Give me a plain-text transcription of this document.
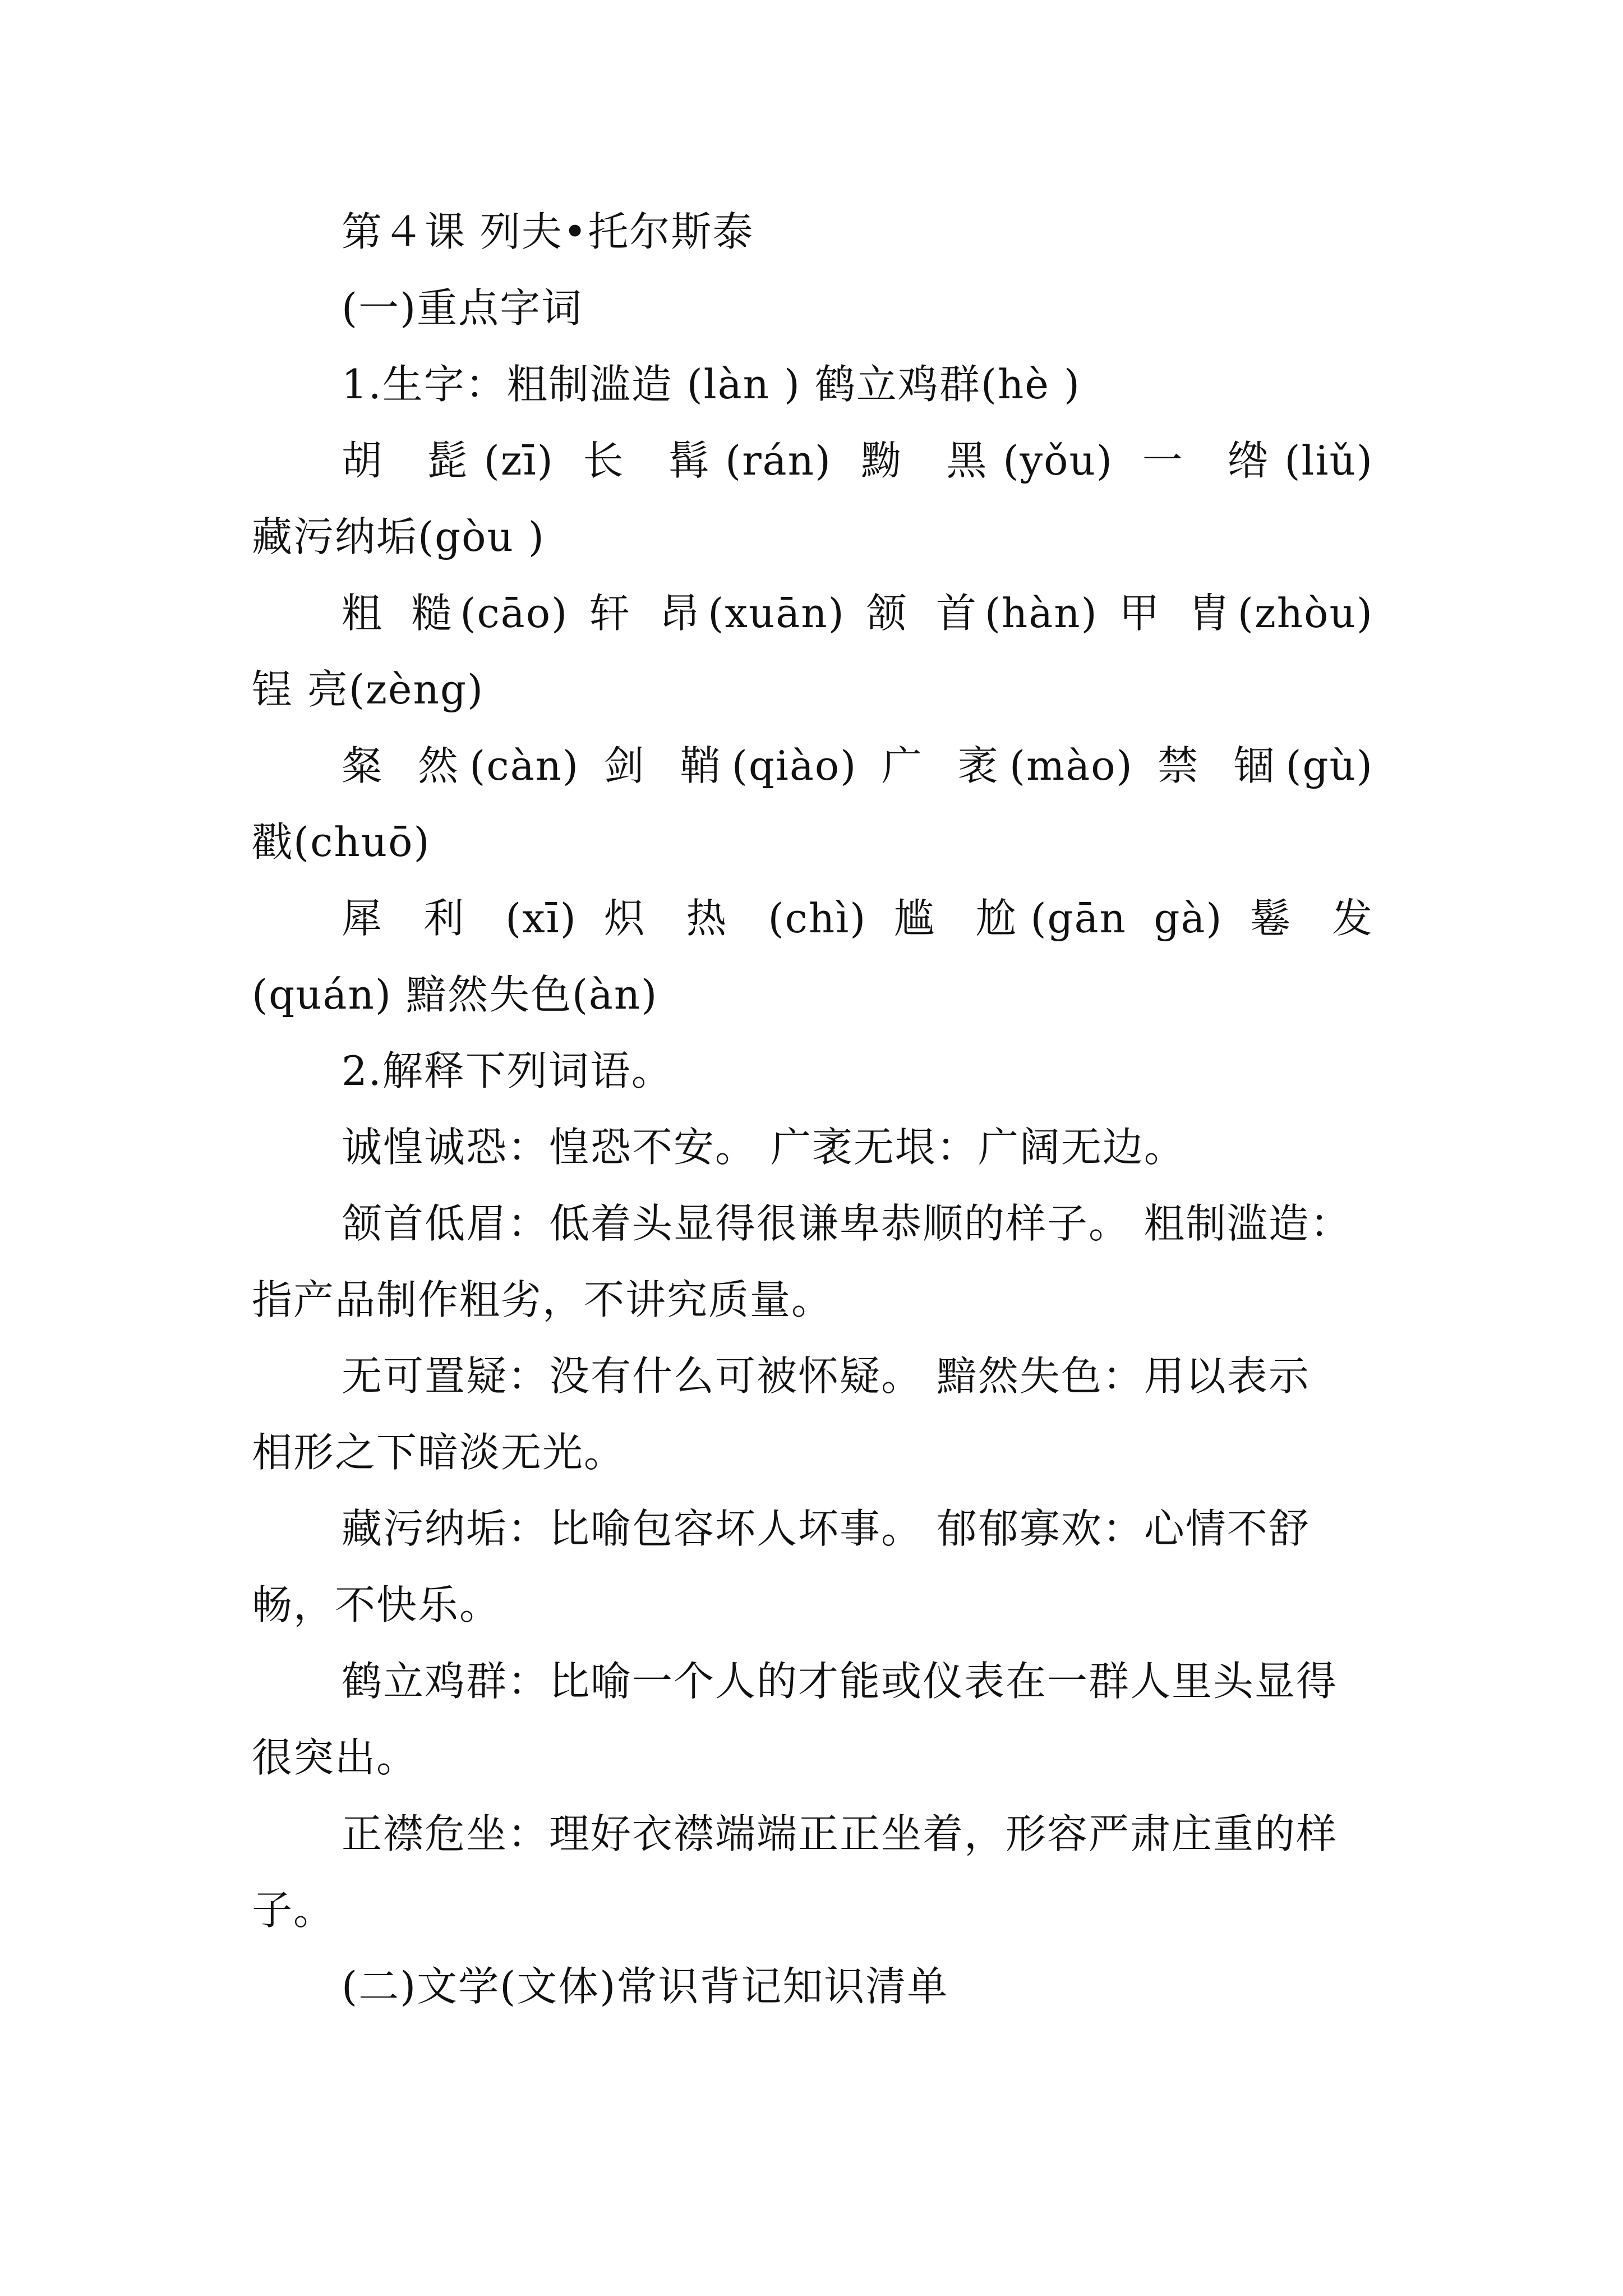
第４课 列夫•托尔斯泰

(一)重点字词

1.生字：粗制滥造 (làn ) 鹤立鸡群(hè )

胡 髭(zī) 长 髯(rán) 黝 黑(yǒu) 一 绺(liǔ)

藏污纳垢(gòu )

粗 糙(cāo) 轩 昂(xuān) 颔 首(hàn) 甲 胄(zhòu)

锃 亮(zèng)

粲 然(càn) 剑 鞘(qiào) 广 袤(mào) 禁 锢(gù)

戳(chuō)

犀 利 (xī) 炽 热 (chì) 尴 尬(gān gà) 鬈 发

(quán) 黯然失色(àn)

2.解释下列词语。

诚惶诚恐：惶恐不安。 广袤无垠：广阔无边。

颔首低眉：低着头显得很谦卑恭顺的样子。 粗制滥造：

指产品制作粗劣，不讲究质量。

无可置疑：没有什么可被怀疑。 黯然失色：用以表示

相形之下暗淡无光。

藏污纳垢：比喻包容坏人坏事。 郁郁寡欢：心情不舒

畅，不快乐。

鹤立鸡群：比喻一个人的才能或仪表在一群人里头显得

很突出。

正襟危坐：理好衣襟端端正正坐着，形容严肃庄重的样

子。

(二)文学(文体)常识背记知识清单
